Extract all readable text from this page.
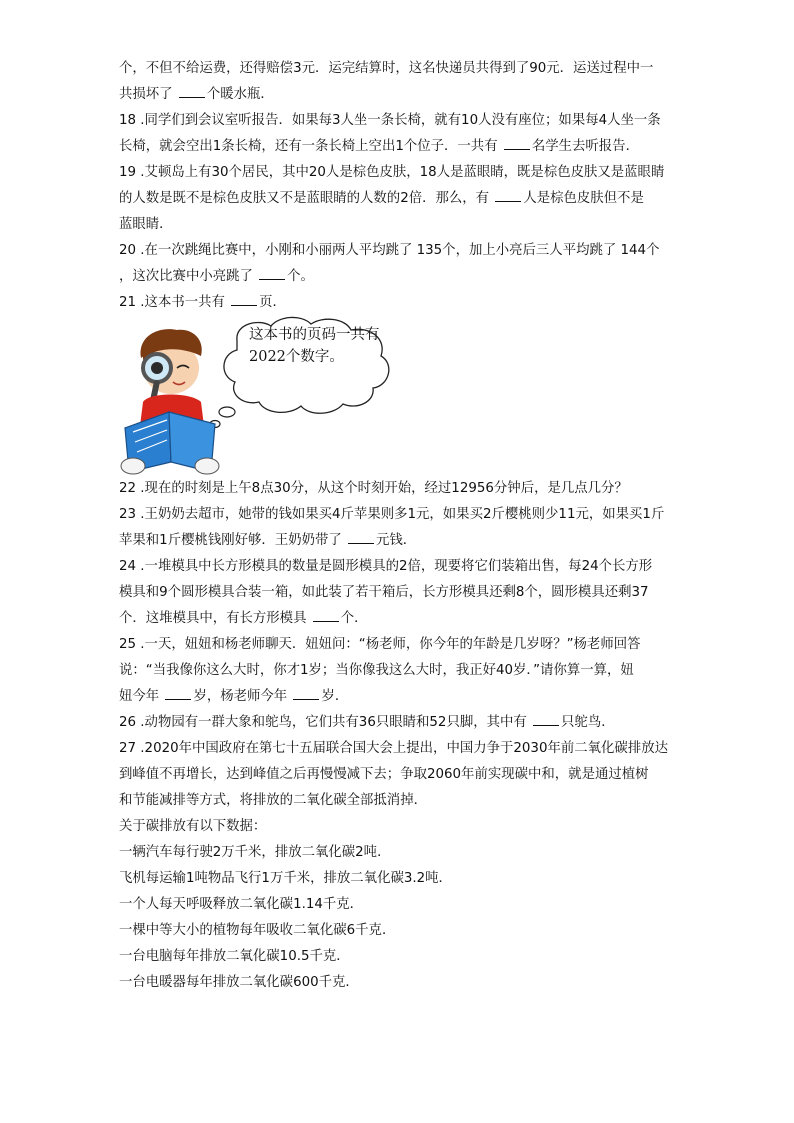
个，不但不给运费，还得赔偿3元．运完结算时，这名快递员共得到了90元．运送过程中一
共损坏了 个暖水瓶．
18 .同学们到会议室听报告．如果每3人坐一条长椅，就有10人没有座位；如果每4人坐一条
长椅，就会空出1条长椅，还有一条长椅上空出1个位子．一共有 名学生去听报告．
19 .艾顿岛上有30个居民，其中20人是棕色皮肤，18人是蓝眼睛，既是棕色皮肤又是蓝眼睛
的人数是既不是棕色皮肤又不是蓝眼睛的人数的2倍．那么，有 人是棕色皮肤但不是
蓝眼睛．
20 .在一次跳绳比赛中，小刚和小丽两人平均跳了 135个，加上小亮后三人平均跳了 144个
，这次比赛中小亮跳了 个。
21 .这本书一共有 页．
这本书的页码一共有2022个数字。
22 .现在的时刻是上午8点30分，从这个时刻开始，经过12956分钟后，是几点几分？
23 .王奶奶去超市，她带的钱如果买4斤苹果则多1元，如果买2斤樱桃则少11元，如果买1斤
苹果和1斤樱桃钱刚好够．王奶奶带了 元钱．
24 .一堆模具中长方形模具的数量是圆形模具的2倍，现要将它们装箱出售，每24个长方形
模具和9个圆形模具合装一箱，如此装了若干箱后，长方形模具还剩8个，圆形模具还剩37
个．这堆模具中，有长方形模具 个．
25 .一天，妞妞和杨老师聊天．妞妞问：“杨老师，你今年的年龄是几岁呀？”杨老师回答
说：“当我像你这么大时，你才1岁；当你像我这么大时，我正好40岁．”请你算一算，妞
妞今年 岁，杨老师今年 岁．
26 .动物园有一群大象和鸵鸟，它们共有36只眼睛和52只脚，其中有 只鸵鸟．
27 .2020年中国政府在第七十五届联合国大会上提出，中国力争于2030年前二氧化碳排放达
到峰值不再增长，达到峰值之后再慢慢减下去；争取2060年前实现碳中和，就是通过植树
和节能减排等方式，将排放的二氧化碳全部抵消掉．
关于碳排放有以下数据：
一辆汽车每行驶2万千米，排放二氧化碳2吨．
飞机每运输1吨物品飞行1万千米，排放二氧化碳3.2吨．
一个人每天呼吸释放二氧化碳1.14千克．
一棵中等大小的植物每年吸收二氧化碳6千克．
一台电脑每年排放二氧化碳10.5千克．
一台电暖器每年排放二氧化碳600千克．
